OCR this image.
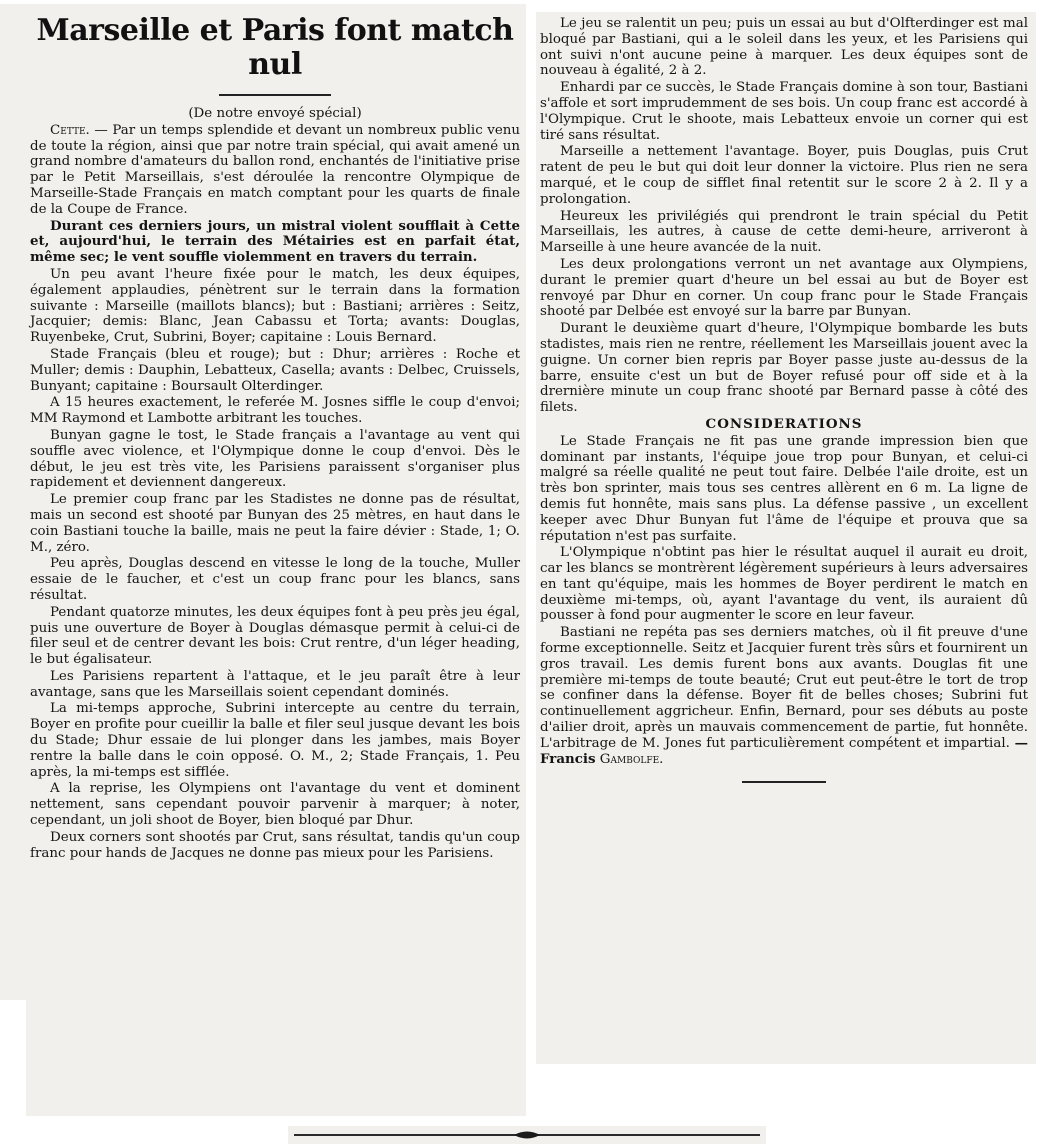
Marseille et Paris font match nul

(De notre envoyé spécial)

Cette. — Par un temps splendide et devant un nombreux public venu de toute la région, ainsi que par notre train spécial, qui avait amené un grand nombre d'amateurs du ballon rond, enchantés de l'initiative prise par le Petit Marseillais, s'est déroulée la rencontre Olympique de Marseille-Stade Français en match comptant pour les quarts de finale de la Coupe de France.

Durant ces derniers jours, un mistral violent soufflait à Cette et, aujourd'hui, le terrain des Métairies est en parfait état, même sec; le vent souffle violemment en travers du terrain.

Un peu avant l'heure fixée pour le match, les deux équipes, également applaudies, pénètrent sur le terrain dans la formation suivante : Marseille (maillots blancs); but : Bastiani; arrières : Seitz, Jacquier; demis: Blanc, Jean Cabassu et Torta; avants: Douglas, Ruyenbeke, Crut, Subrini, Boyer; capitaine : Louis Bernard.

Stade Français (bleu et rouge); but : Dhur; arrières : Roche et Muller; demis : Dauphin, Lebatteux, Casella; avants : Delbec, Cruissels, Bunyant; capitaine : Boursault Olterdinger.

A 15 heures exactement, le referée M. Josnes siffle le coup d'envoi; MM Raymond et Lambotte arbitrant les touches.

Bunyan gagne le tost, le Stade français a l'avantage au vent qui souffle avec violence, et l'Olympique donne le coup d'envoi. Dès le début, le jeu est très vite, les Parisiens paraissent s'organiser plus rapidement et deviennent dangereux.

Le premier coup franc par les Stadistes ne donne pas de résultat, mais un second est shooté par Bunyan des 25 mètres, en haut dans le coin Bastiani touche la baille, mais ne peut la faire dévier : Stade, 1; O. M., zéro.

Peu après, Douglas descend en vitesse le long de la touche, Muller essaie de le faucher, et c'est un coup franc pour les blancs, sans résultat.

Pendant quatorze minutes, les deux équipes font à peu près jeu égal, puis une ouverture de Boyer à Douglas démasque permit à celui-ci de filer seul et de centrer devant les bois: Crut rentre, d'un léger heading, le but égalisateur.

Les Parisiens repartent à l'attaque, et le jeu paraît être à leur avantage, sans que les Marseillais soient cependant dominés.

La mi-temps approche, Subrini intercepte au centre du terrain, Boyer en profite pour cueillir la balle et filer seul jusque devant les bois du Stade; Dhur essaie de lui plonger dans les jambes, mais Boyer rentre la balle dans le coin opposé. O. M., 2; Stade Français, 1. Peu après, la mi-temps est sifflée.

A la reprise, les Olympiens ont l'avantage du vent et dominent nettement, sans cependant pouvoir parvenir à marquer; à noter, cependant, un joli shoot de Boyer, bien bloqué par Dhur.

Deux corners sont shootés par Crut, sans résultat, tandis qu'un coup franc pour hands de Jacques ne donne pas mieux pour les Parisiens.

Le jeu se ralentit un peu; puis un essai au but d'Olfterdinger est mal bloqué par Bastiani, qui a le soleil dans les yeux, et les Parisiens qui ont suivi n'ont aucune peine à marquer. Les deux équipes sont de nouveau à égalité, 2 à 2.

Enhardi par ce succès, le Stade Français domine à son tour, Bastiani s'affole et sort imprudemment de ses bois. Un coup franc est accordé à l'Olympique. Crut le shoote, mais Lebatteux envoie un corner qui est tiré sans résultat.

Marseille a nettement l'avantage. Boyer, puis Douglas, puis Crut ratent de peu le but qui doit leur donner la victoire. Plus rien ne sera marqué, et le coup de sifflet final retentit sur le score 2 à 2. Il y a prolongation.

Heureux les privilégiés qui prendront le train spécial du Petit Marseillais, les autres, à cause de cette demi-heure, arriveront à Marseille à une heure avancée de la nuit.

Les deux prolongations verront un net avantage aux Olympiens, durant le premier quart d'heure un bel essai au but de Boyer est renvoyé par Dhur en corner. Un coup franc pour le Stade Français shooté par Delbée est envoyé sur la barre par Bunyan.

Durant le deuxième quart d'heure, l'Olympique bombarde les buts stadistes, mais rien ne rentre, réellement les Marseillais jouent avec la guigne. Un corner bien repris par Boyer passe juste au-dessus de la barre, ensuite c'est un but de Boyer refusé pour off side et à la drernière minute un coup franc shooté par Bernard passe à côté des filets.

CONSIDERATIONS

Le Stade Français ne fit pas une grande impression bien que dominant par instants, l'équipe joue trop pour Bunyan, et celui-ci malgré sa réelle qualité ne peut tout faire. Delbée l'aile droite, est un très bon sprinter, mais tous ses centres allèrent en 6 m. La ligne de demis fut honnête, mais sans plus. La défense passive , un excellent keeper avec Dhur Bunyan fut l'âme de l'équipe et prouva que sa réputation n'est pas surfaite.

L'Olympique n'obtint pas hier le résultat auquel il aurait eu droit, car les blancs se montrèrent légèrement supérieurs à leurs adversaires en tant qu'équipe, mais les hommes de Boyer perdirent le match en deuxième mi-temps, où, ayant l'avantage du vent, ils auraient dû pousser à fond pour augmenter le score en leur faveur.

Bastiani ne repéta pas ses derniers matches, où il fit preuve d'une forme exceptionnelle. Seitz et Jacquier furent très sûrs et fournirent un gros travail. Les demis furent bons aux avants. Douglas fit une première mi-temps de toute beauté; Crut eut peut-être le tort de trop se confiner dans la défense. Boyer fit de belles choses; Subrini fut continuellement aggricheur. Enfin, Bernard, pour ses débuts au poste d'ailier droit, après un mauvais commencement de partie, fut honnête. L'arbitrage de M. Jones fut particulièrement compétent et impartial. — Francis Gambolfe.
